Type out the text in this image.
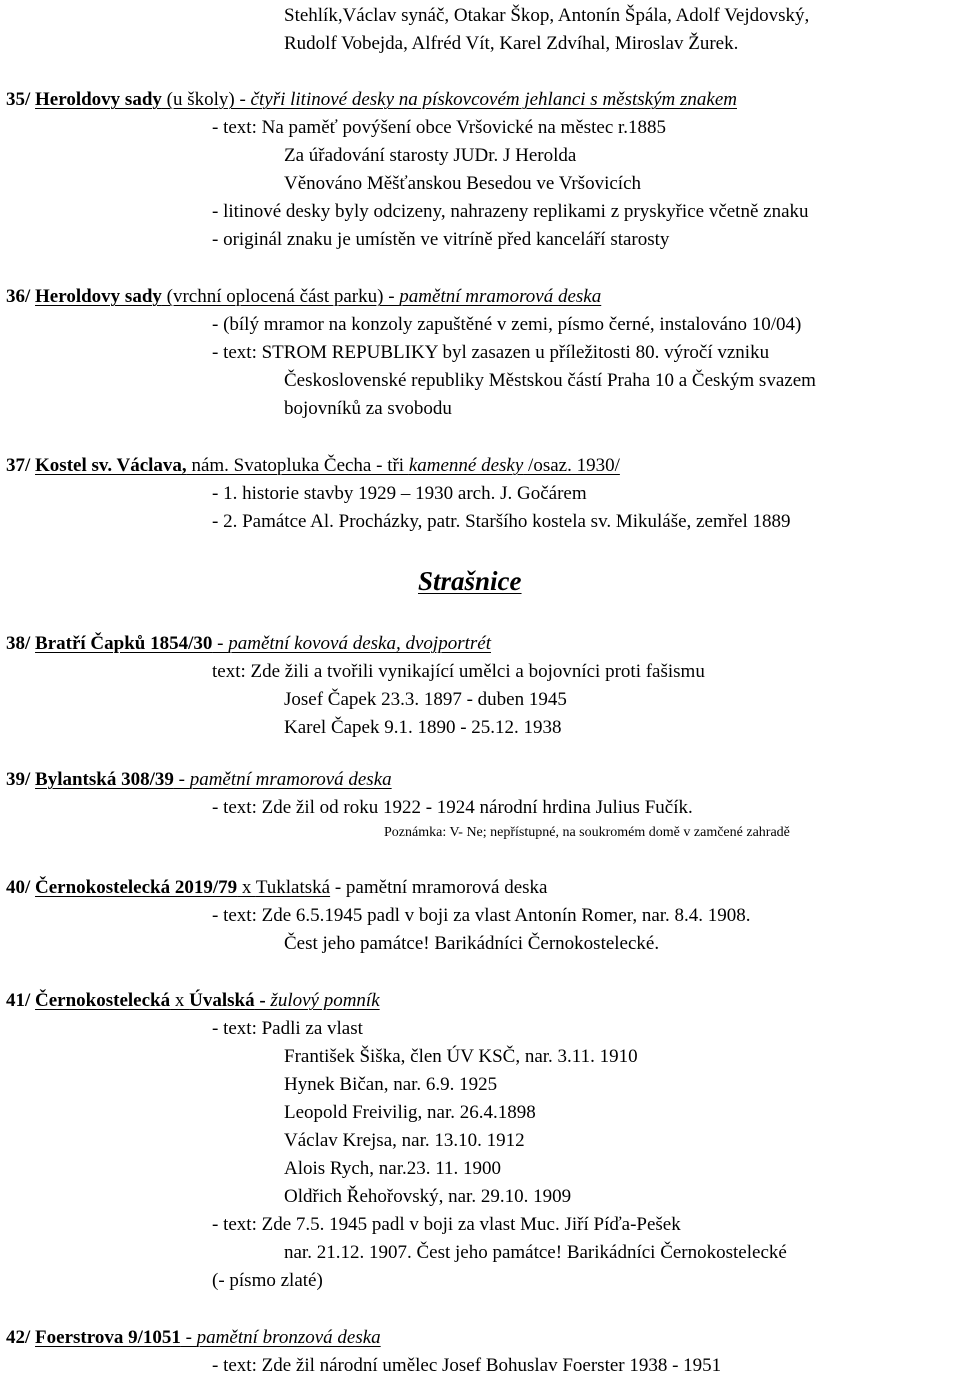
Stehlík,Václav synáč, Otakar Škop, Antonín Špála, Adolf Vejdovský,
Rudolf Vobejda, Alfréd Vít, Karel Zdvíhal, Miroslav Žurek.
35/ Heroldovy sady (u školy) - čtyři litinové desky na pískovcovém jehlanci s městským znakem
- text: Na paměť povýšení obce Vršovické na městec r.1885
Za úřadování starosty JUDr. J Herolda
Věnováno Měšťanskou Besedou ve Vršovicích
- litinové desky byly odcizeny, nahrazeny replikami z pryskyřice včetně znaku
- originál znaku je umístěn ve vitríně před kanceláří starosty
36/ Heroldovy sady (vrchní oplocená část parku) - pamětní mramorová deska
- (bílý mramor na konzoly zapuštěné v zemi, písmo černé, instalováno 10/04)
- text: STROM REPUBLIKY byl zasazen u příležitosti 80. výročí vzniku
Československé republiky Městskou částí Praha 10 a Českým svazem
bojovníků za svobodu
37/ Kostel sv. Václava, nám. Svatopluka Čecha - tři kamenné desky /osaz. 1930/
- 1. historie stavby 1929 – 1930 arch. J. Gočárem
- 2. Památce Al. Procházky, patr. Staršího kostela sv. Mikuláše, zemřel 1889
Strašnice
38/ Bratří Čapků 1854/30 - pamětní kovová deska, dvojportrét
text: Zde žili a tvořili vynikající umělci a bojovníci proti fašismu
Josef Čapek 23.3. 1897 - duben 1945
Karel Čapek 9.1. 1890 - 25.12. 1938
39/ Bylantská 308/39 - pamětní mramorová deska
- text: Zde žil od roku 1922 - 1924 národní hrdina Julius Fučík.
Poznámka: V- Ne; nepřístupné, na soukromém domě v zamčené zahradě
40/ Černokostelecká 2019/79 x Tuklatská - pamětní mramorová deska
- text: Zde 6.5.1945 padl v boji za vlast Antonín Romer, nar. 8.4. 1908.
Čest jeho památce! Barikádníci Černokostelecké.
41/ Černokostelecká x Úvalská - žulový pomník
- text: Padli za vlast
František Šiška, člen ÚV KSČ, nar. 3.11. 1910
Hynek Bičan, nar. 6.9. 1925
Leopold Freivilig, nar. 26.4.1898
Václav Krejsa, nar. 13.10. 1912
Alois Rych, nar.23. 11. 1900
Oldřich Řehořovský, nar. 29.10. 1909
- text: Zde 7.5. 1945 padl v boji za vlast Muc. Jiří Píďa-Pešek
nar. 21.12. 1907. Čest jeho památce! Barikádníci Černokostelecké
(- písmo zlaté)
42/ Foerstrova 9/1051 - pamětní bronzová deska
- text: Zde žil národní umělec Josef Bohuslav Foerster 1938 - 1951
